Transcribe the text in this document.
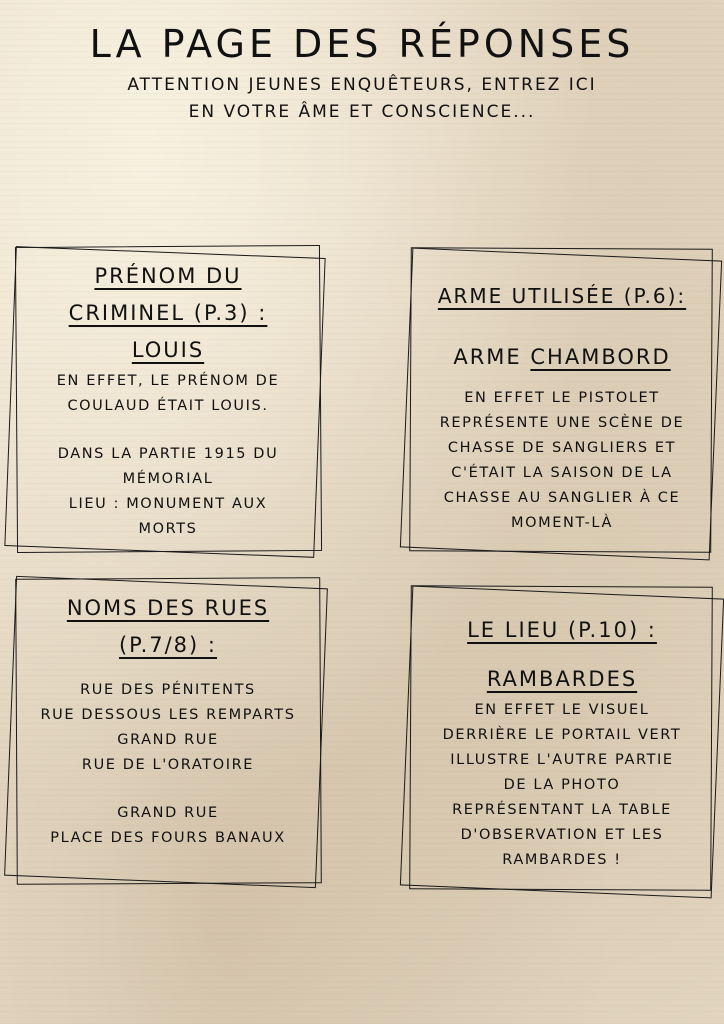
LA PAGE DES RÉPONSES

ATTENTION JEUNES ENQUÊTEURS, ENTREZ ICI
EN VOTRE ÂME ET CONSCIENCE...

PRÉNOM DU
CRIMINEL (P.3) :
LOUIS
EN EFFET, LE PRÉNOM DE
COULAUD ÉTAIT LOUIS.
DANS LA PARTIE 1915 DU
MÉMORIAL
LIEU : MONUMENT AUX
MORTS
ARME UTILISÉE (P.6):
ARME CHAMBORD
EN EFFET LE PISTOLET
REPRÉSENTE UNE SCÈNE DE
CHASSE DE SANGLIERS ET
C'ÉTAIT LA SAISON DE LA
CHASSE AU SANGLIER À CE
MOMENT-LÀ
NOMS DES RUES
(P.7/8) :
RUE DES PÉNITENTS
RUE DESSOUS LES REMPARTS
GRAND RUE
RUE DE L'ORATOIRE
GRAND RUE
PLACE DES FOURS BANAUX
LE LIEU (P.10) :
RAMBARDES
EN EFFET LE VISUEL
DERRIÈRE LE PORTAIL VERT
ILLUSTRE L'AUTRE PARTIE
DE LA PHOTO
REPRÉSENTANT LA TABLE
D'OBSERVATION ET LES
RAMBARDES !
